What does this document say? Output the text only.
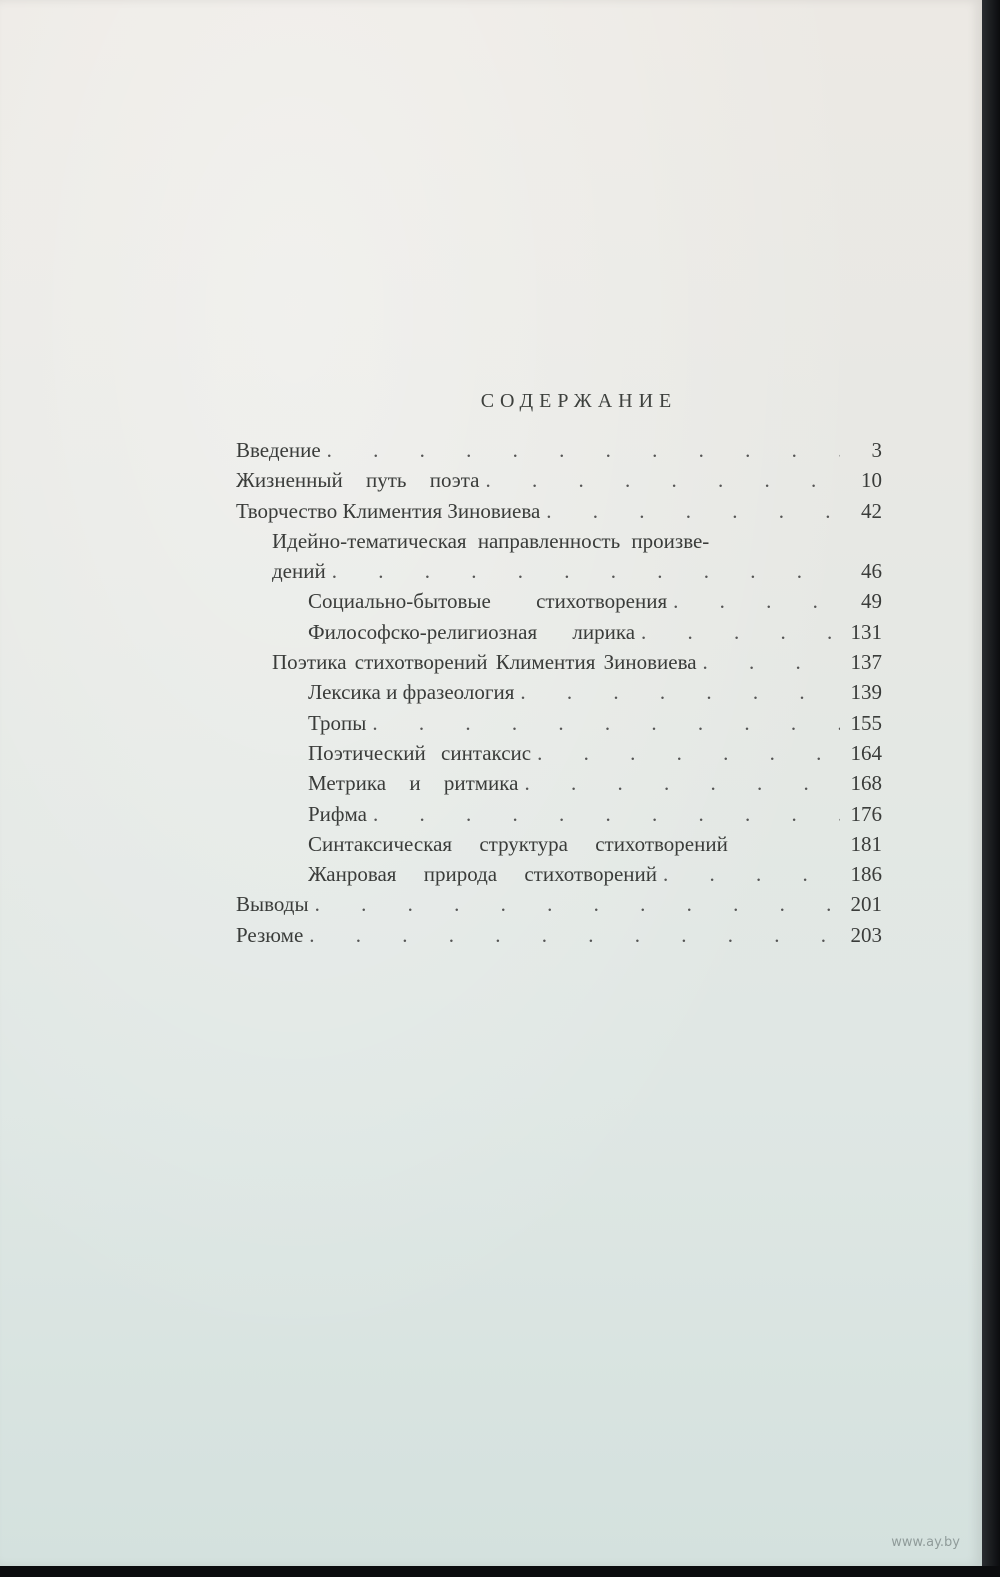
СОДЕРЖАНИЕ
Введение . . .	3
Жизненный путь поэта . . .	10
Творчество Климентия Зиновиева . . .	42
Идейно-тематическая направленность произве-
дений . . .	46
Социально-бытовые стихотворения . . .	49
Философско-религиозная лирика . . .	131
Поэтика стихотворений Климентия Зиновиева . . .	137
Лексика и фразеология . . .	139
Тропы . . .	155
Поэтический синтаксис . . .	164
Метрика и ритмика . . .	168
Рифма . . .	176
Синтаксическая структура стихотворений	181
Жанровая природа стихотворений . . .	186
Выводы . . .	201
Резюме . . .	203
www.ay.by
